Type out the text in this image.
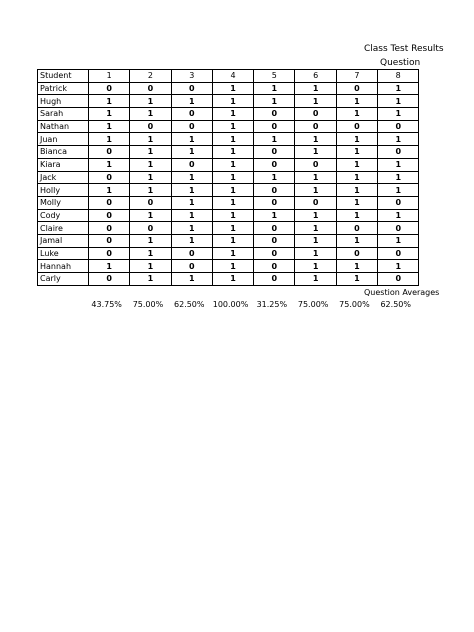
Class Test Results
Question
Student	1	2	3	4	5	6	7	8
Patrick	0	0	0	1	1	1	0	1
Hugh	1	1	1	1	1	1	1	1
Sarah	1	1	0	1	0	0	1	1
Nathan	1	0	0	1	0	0	0	0
Juan	1	1	1	1	1	1	1	1
Bianca	0	1	1	1	0	1	1	0
Kiara	1	1	0	1	0	0	1	1
Jack	0	1	1	1	1	1	1	1
Holly	1	1	1	1	0	1	1	1
Molly	0	0	1	1	0	0	1	0
Cody	0	1	1	1	1	1	1	1
Claire	0	0	1	1	0	1	0	0
Jamal	0	1	1	1	0	1	1	1
Luke	0	1	0	1	0	1	0	0
Hannah	1	1	0	1	0	1	1	1
Carly	0	1	1	1	0	1	1	0
Question Averages
43.75%	75.00%	62.50%	100.00%	31.25%	75.00%	75.00%	62.50%
